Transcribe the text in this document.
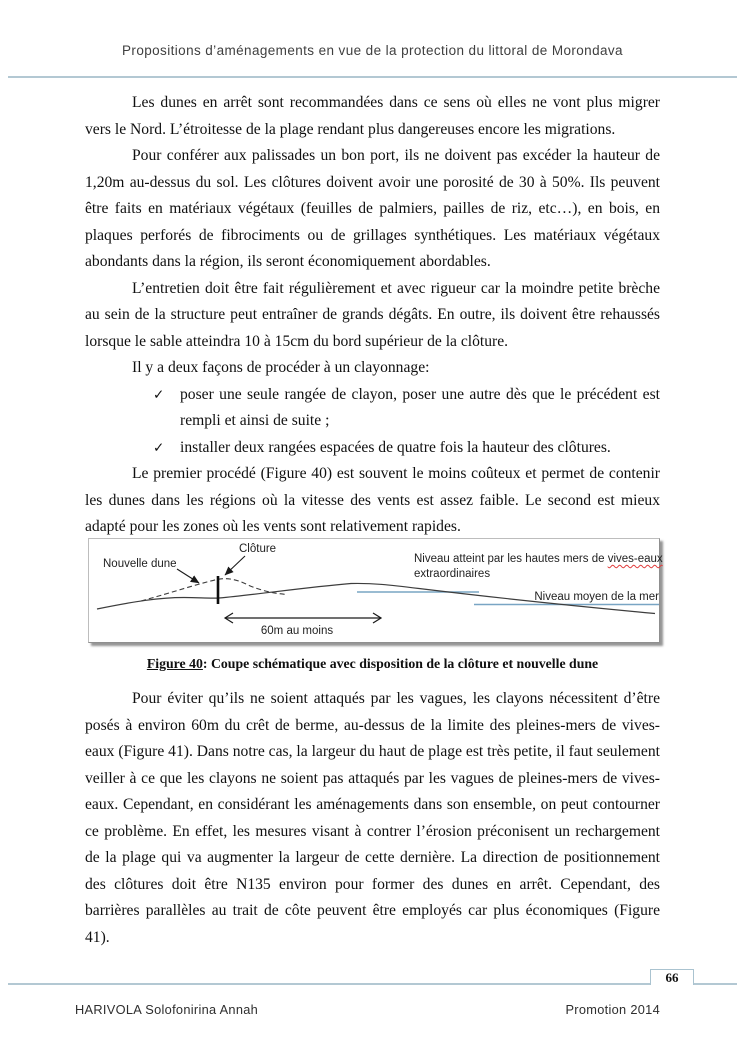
Propositions d’aménagements en vue de la protection du littoral de Morondava

Les dunes en arrêt sont recommandées dans ce sens où elles ne vont plus migrer vers le Nord. L’étroitesse de la plage rendant plus dangereuses encore les migrations.

Pour conférer aux palissades un bon port, ils ne doivent pas excéder la hauteur de 1,20m au-dessus du sol. Les clôtures doivent avoir une porosité de 30 à 50%. Ils peuvent être faits en matériaux végétaux (feuilles de palmiers, pailles de riz, etc…), en bois, en plaques perforés de fibrociments ou de grillages synthétiques. Les matériaux végétaux abondants dans la région, ils seront économiquement abordables.

L’entretien doit être fait régulièrement et avec rigueur car la moindre petite brèche au sein de la structure peut entraîner de grands dégâts. En outre, ils doivent être rehaussés lorsque le sable atteindra 10 à 15cm du bord supérieur de la clôture.

Il y a deux façons de procéder à un clayonnage:

✓	poser une seule rangée de clayon, poser une autre dès que le précédent est rempli et ainsi de suite ;
✓	installer deux rangées espacées de quatre fois la hauteur des clôtures.

Le premier procédé (Figure 40) est souvent le moins coûteux et permet de contenir les dunes dans les régions où la vitesse des vents est assez faible. Le second est mieux adapté pour les zones où les vents sont relativement rapides.

Nouvelle dune
Clôture
Niveau atteint par les hautes mers de vives-eaux
extraordinaires
Niveau moyen de la mer
60m au moins
Figure 40: Coupe schématique avec disposition de la clôture et nouvelle dune

Pour éviter qu’ils ne soient attaqués par les vagues, les clayons nécessitent d’être posés à environ 60m du crêt de berme, au-dessus de la limite des pleines-mers de vives-eaux (Figure 41). Dans notre cas, la largeur du haut de plage est très petite, il faut seulement veiller à ce que les clayons ne soient pas attaqués par les vagues de pleines-mers de vives-eaux. Cependant, en considérant les aménagements dans son ensemble, on peut contourner ce problème. En effet, les mesures visant à contrer l’érosion préconisent un rechargement de la plage qui va augmenter la largeur de cette dernière. La direction de positionnement des clôtures doit être N135 environ pour former des dunes en arrêt. Cependant, des barrières parallèles au trait de côte peuvent être employés car plus économiques (Figure 41).

66
HARIVOLA Solofonirina Annah	Promotion 2014
